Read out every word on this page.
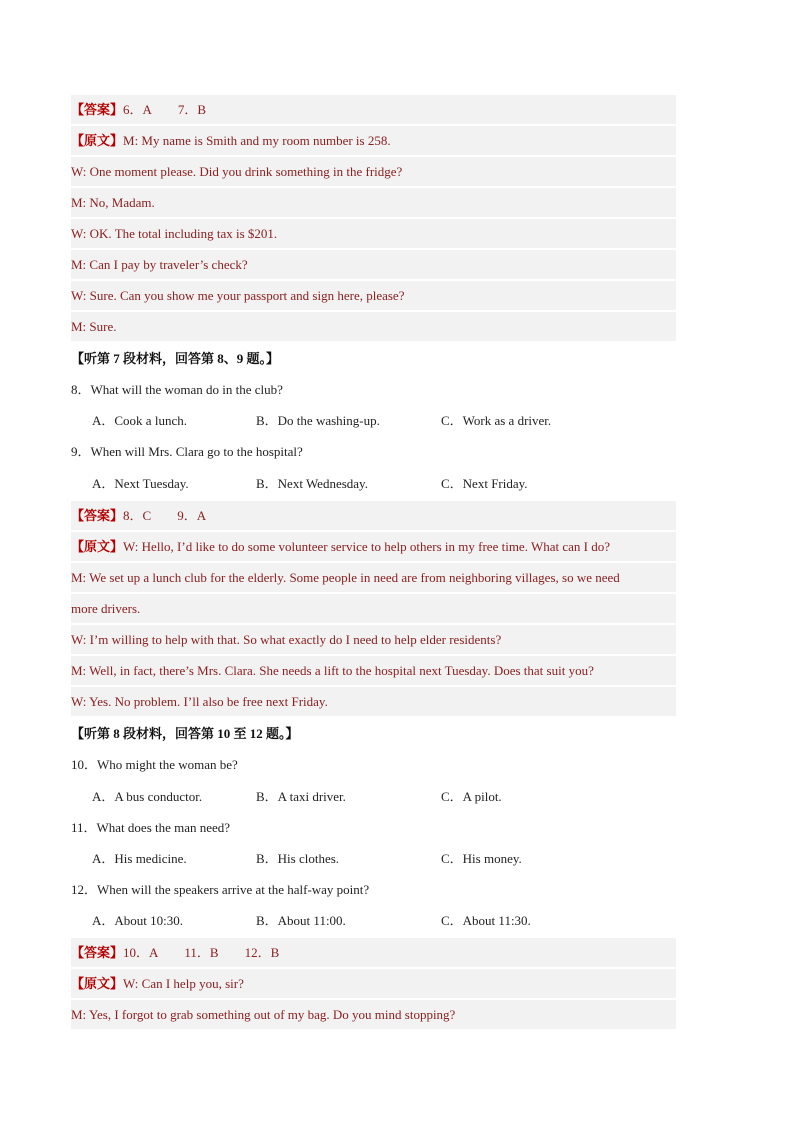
【答案】6．A 7．B
【原文】M: My name is Smith and my room number is 258.
W: One moment please. Did you drink something in the fridge?
M: No, Madam.
W: OK. The total including tax is $201.
M: Can I pay by traveler’s check?
W: Sure. Can you show me your passport and sign here, please?
M: Sure.
【听第 7 段材料，回答第 8、9 题。】
8．What will the woman do in the club?
A．Cook a lunch.	B．Do the washing-up.	C．Work as a driver.
9．When will Mrs. Clara go to the hospital?
A．Next Tuesday.	B．Next Wednesday.	C．Next Friday.
【答案】8．C 9．A
【原文】W: Hello, I’d like to do some volunteer service to help others in my free time. What can I do?
M: We set up a lunch club for the elderly. Some people in need are from neighboring villages, so we need
more drivers.
W: I’m willing to help with that. So what exactly do I need to help elder residents?
M: Well, in fact, there’s Mrs. Clara. She needs a lift to the hospital next Tuesday. Does that suit you?
W: Yes. No problem. I’ll also be free next Friday.
【听第 8 段材料，回答第 10 至 12 题。】
10．Who might the woman be?
A．A bus conductor.	B．A taxi driver.	C．A pilot.
11．What does the man need?
A．His medicine.	B．His clothes.	C．His money.
12．When will the speakers arrive at the half-way point?
A．About 10:30.	B．About 11:00.	C．About 11:30.
【答案】10．A 11．B 12．B
【原文】W: Can I help you, sir?
M: Yes, I forgot to grab something out of my bag. Do you mind stopping?
